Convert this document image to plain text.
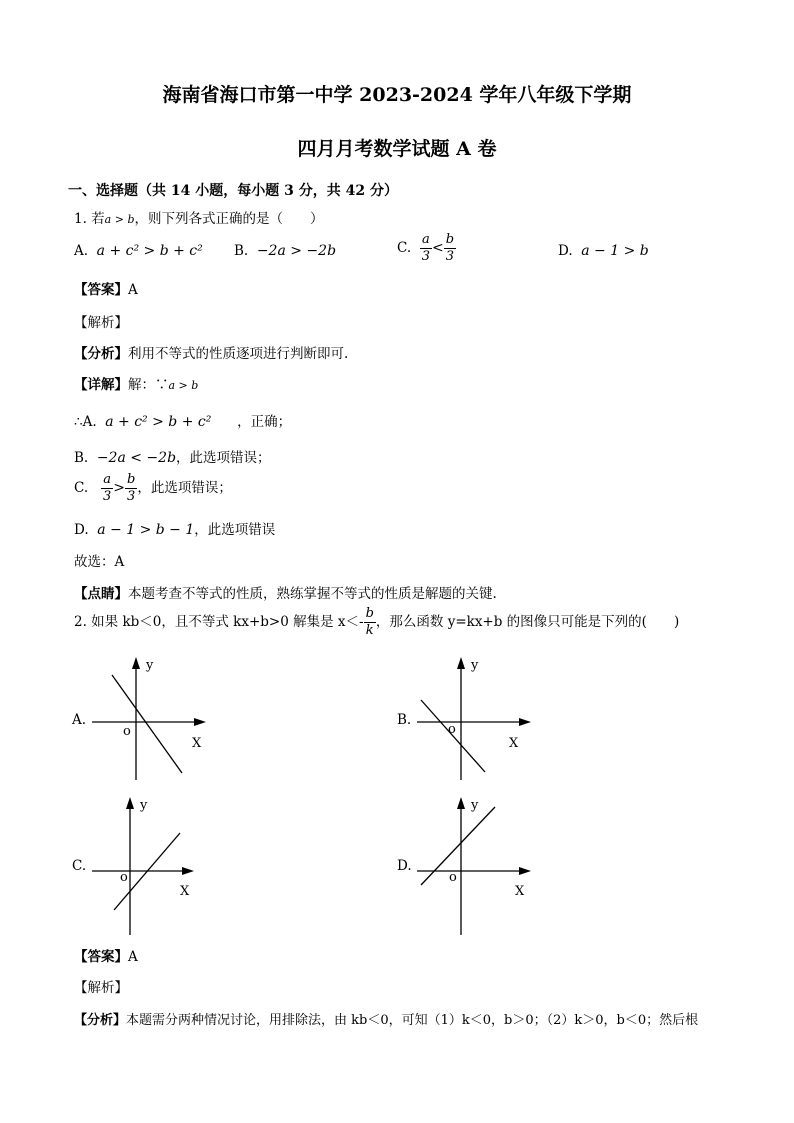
海南省海口市第一中学 2023-2024 学年八年级下学期
四月月考数学试题 A 卷
一、选择题（共 14 小题，每小题 3 分，共 42 分）
1. 若a > b，则下列各式正确的是（　　）
A. a + c² > b + c² B. −2a > −2b	C. $\frac{a}{3} < \frac{b}{3}$	D. a − 1 > b
【答案】A
【解析】
【分析】利用不等式的性质逐项进行判断即可.
【详解】解：∵a > b
∴A. a + c² > b + c² ，正确；
B. −2a < −2b，此选项错误；
C. $\frac{a}{3} > \frac{b}{3}$ ，此选项错误；
D. a − 1 > b − 1，此选项错误
故选：A
【点睛】本题考查不等式的性质，熟练掌握不等式的性质是解题的关键.
2. 如果 kb＜0，且不等式 kx+b>0 解集是 $x<- \frac{b}{k}$ ，那么函数 y=kx+b 的图像只可能是下列的(　　)
A.
y
X
o
B.
y
X
o
C.
y
X
o
D.
y
X
o
【答案】A
【解析】
【分析】本题需分两种情况讨论，用排除法，由 kb＜0，可知（1）k＜0，b＞0；（2）k＞0，b＜0；然后根
